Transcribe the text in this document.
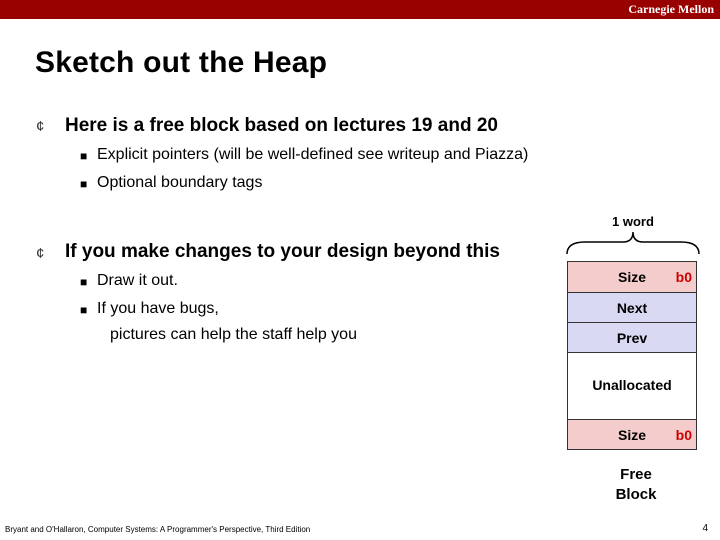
Carnegie Mellon
Sketch out the Heap
¢ Here is a free block based on lectures 19 and 20
■ Explicit pointers (will be well-defined see writeup and Piazza)
■ Optional boundary tags
¢ If you make changes to your design beyond this
■ Draw it out.
■ If you have bugs,
pictures can help the staff help you
1 word
Size	b0
Next
Prev
Unallocated
Size	b0
Free
Block
Bryant and O'Hallaron, Computer Systems: A Programmer's Perspective, Third Edition	4
